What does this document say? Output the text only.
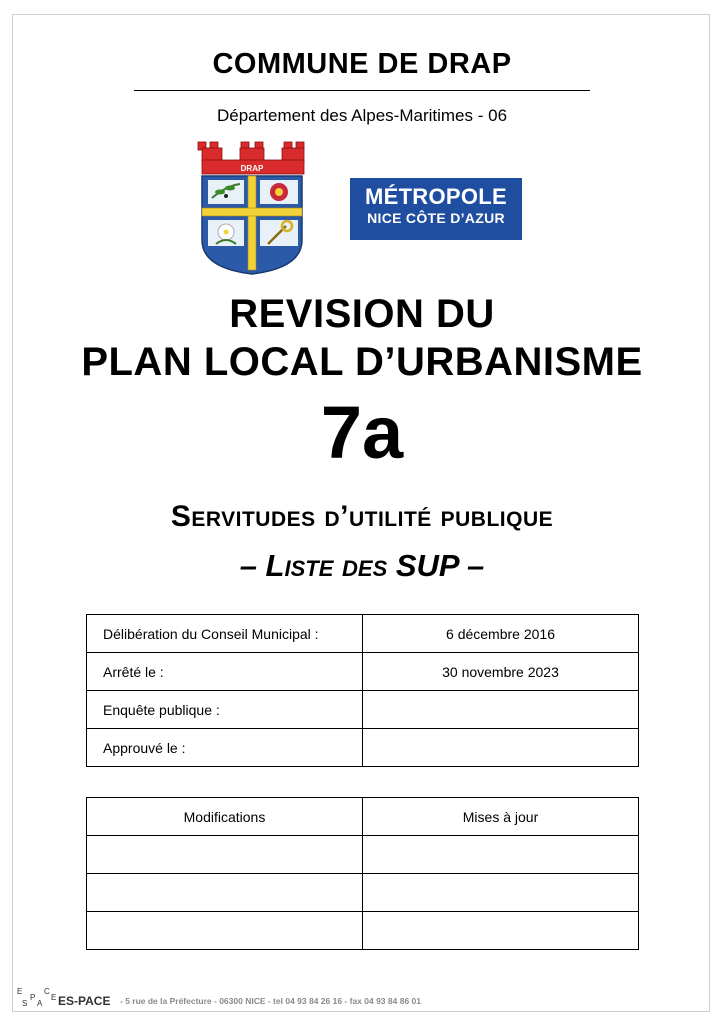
COMMUNE DE DRAP
Département des Alpes-Maritimes - 06
DRAP
MÉTROPOLE
NICE CÔTE D’AZUR
REVISION DU
PLAN LOCAL D’URBANISME
7a
Servitudes d’utilité publique
– Liste des SUP –
Délibération du Conseil Municipal :	6 décembre 2016
Arrêté le :	30 novembre 2023
Enquête publique :	
Approuvé le :	
Modifications	Mises à jour

E
S
P
A
C
E ES-PACE - 5 rue de la Préfecture - 06300 NICE - tel 04 93 84 26 16 - fax 04 93 84 86 01
